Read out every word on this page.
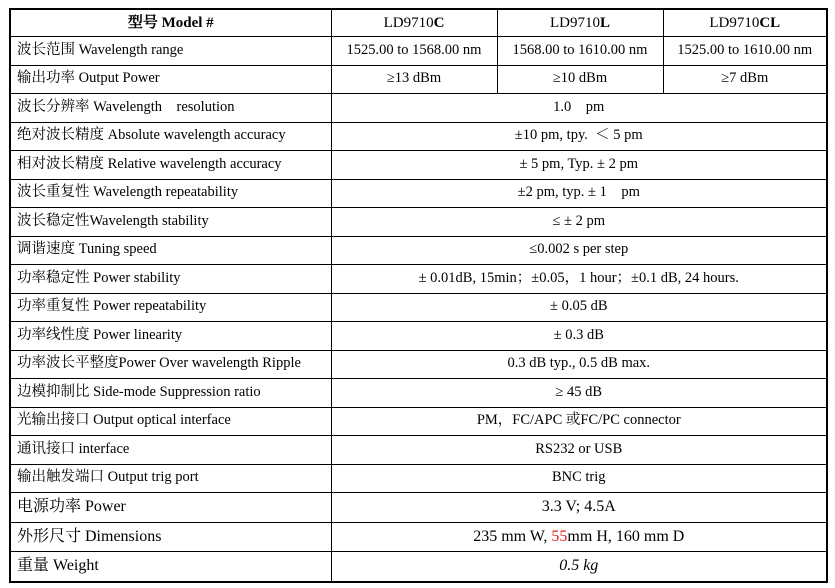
型号 Model #	LD9710C	LD9710L	LD9710CL
波长范围 Wavelength range	1525.00 to 1568.00 nm	1568.00 to 1610.00 nm	1525.00 to 1610.00 nm
输出功率 Output Power	≥13 dBm	≥10 dBm	≥7 dBm
波长分辨率 Wavelength    resolution	1.0    pm		
绝对波长精度 Absolute wavelength accuracy	±10 pm, tpy.  ＜ 5 pm		
相对波长精度 Relative wavelength accuracy	± 5 pm, Typ. ± 2 pm		
波长重复性 Wavelength repeatability	±2 pm, typ. ± 1    pm		
波长稳定性Wavelength stability	≤ ± 2 pm		
调谐速度 Tuning speed	≤0.002 s per step		
功率稳定性 Power stability	± 0.01dB, 15min；±0.05，1 hour；±0.1 dB, 24 hours.		
功率重复性 Power repeatability	± 0.05 dB		
功率线性度 Power linearity	± 0.3 dB		
功率波长平整度Power Over wavelength Ripple	0.3 dB typ., 0.5 dB max.		
边模抑制比 Side-mode Suppression ratio	≥ 45 dB		
光输出接口 Output optical interface	PM，FC/APC 或FC/PC connector		
通讯接口 interface	RS232 or USB		
输出触发端口 Output trig port	BNC trig		
电源功率 Power	3.3 V; 4.5A		
外形尺寸 Dimensions	235 mm W, 55mm H, 160 mm D		
重量 Weight	0.5 kg		
